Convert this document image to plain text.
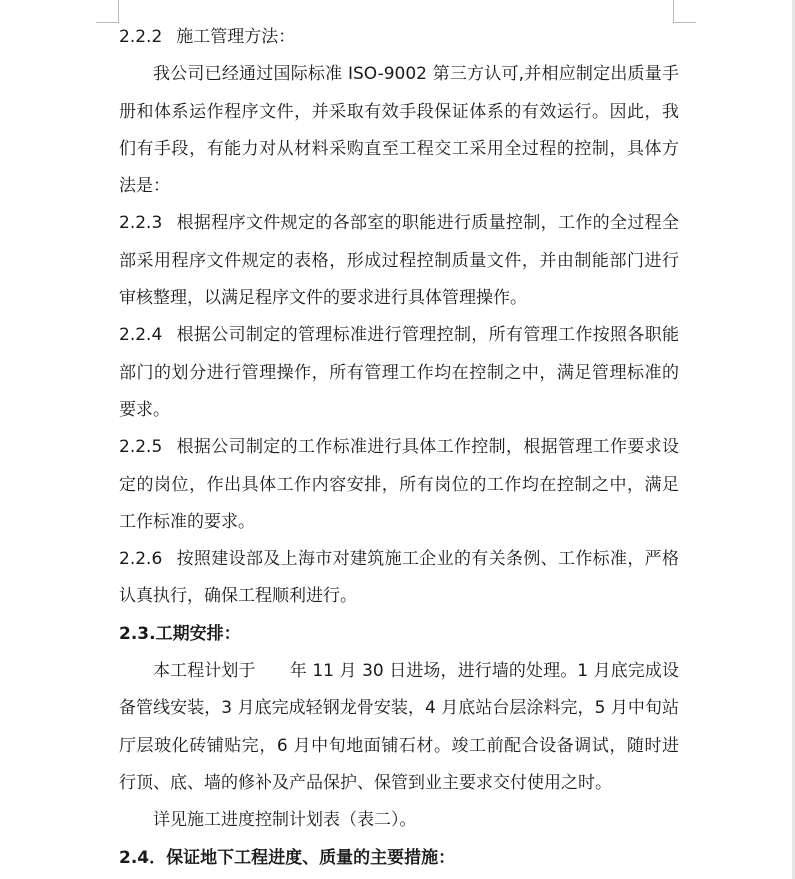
2.2.2 施工管理方法：

我公司已经通过国际标准 ISO-9002 第三方认可,并相应制定出质量手册和体系运作程序文件，并采取有效手段保证体系的有效运行。因此，我们有手段，有能力对从材料采购直至工程交工采用全过程的控制，具体方法是：

2.2.3 根据程序文件规定的各部室的职能进行质量控制，工作的全过程全部采用程序文件规定的表格，形成过程控制质量文件，并由制能部门进行审核整理，以满足程序文件的要求进行具体管理操作。

2.2.4 根据公司制定的管理标准进行管理控制，所有管理工作按照各职能部门的划分进行管理操作，所有管理工作均在控制之中，满足管理标准的要求。

2.2.5 根据公司制定的工作标准进行具体工作控制，根据管理工作要求设定的岗位，作出具体工作内容安排，所有岗位的工作均在控制之中，满足工作标准的要求。

2.2.6 按照建设部及上海市对建筑施工企业的有关条例、工作标准，严格认真执行，确保工程顺利进行。

2.3.工期安排：

本工程计划于　　年 11 月 30 日进场，进行墙的处理。1 月底完成设备管线安装，3 月底完成轻钢龙骨安装，4 月底站台层涂料完，5 月中旬站厅层玻化砖铺贴完，6 月中旬地面铺石材。竣工前配合设备调试，随时进行顶、底、墙的修补及产品保护、保管到业主要求交付使用之时。

详见施工进度控制计划表（表二）。

2.4．保证地下工程进度、质量的主要措施：
